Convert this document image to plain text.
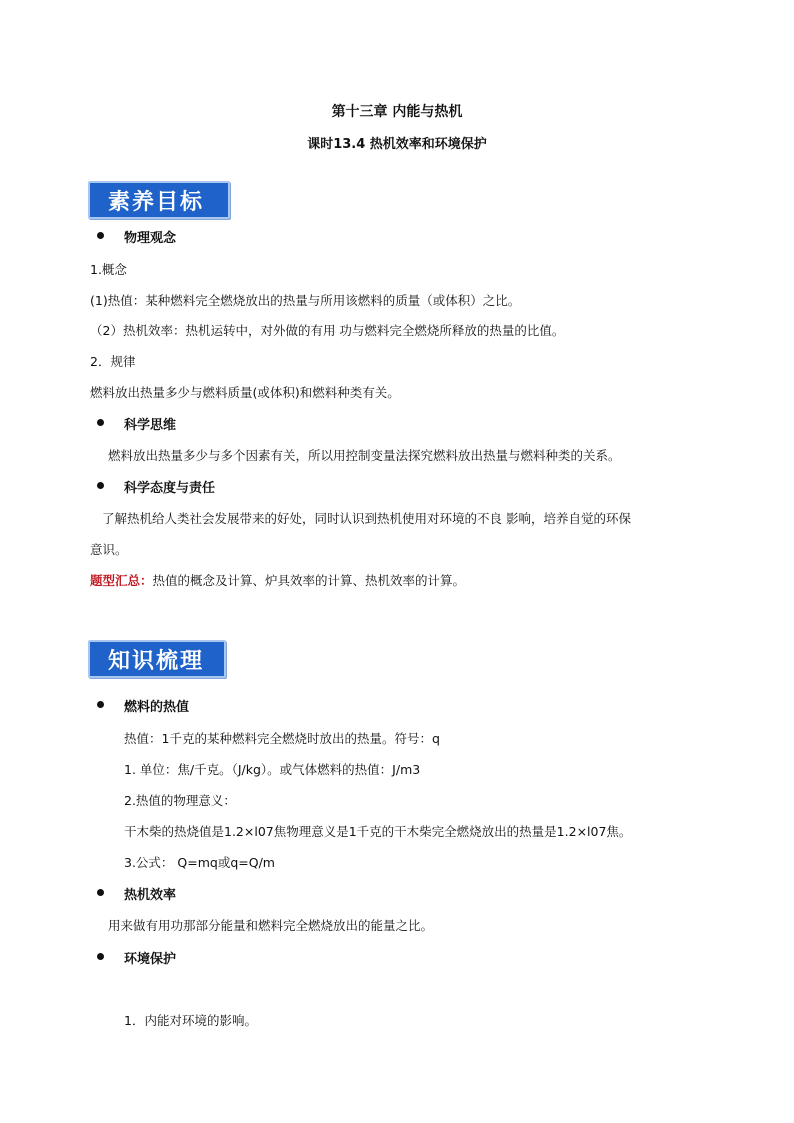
第十三章 内能与热机
课时13.4 热机效率和环境保护
素养目标
物理观念
1.概念
(1)热值：某种燃料完全燃烧放出的热量与所用该燃料的质量（或体积）之比。
（2）热机效率：热机运转中，对外做的有用 功与燃料完全燃烧所释放的热量的比值。
2．规律
燃料放出热量多少与燃料质量(或体积)和燃料种类有关。
科学思维
燃料放出热量多少与多个因素有关，所以用控制变量法探究燃料放出热量与燃料种类的关系。
科学态度与责任
了解热机给人类社会发展带来的好处，同时认识到热机使用对环境的不良 影响，培养自觉的环保
意识。
题型汇总：热值的概念及计算、炉具效率的计算、热机效率的计算。
知识梳理
燃料的热值
热值：1千克的某种燃料完全燃烧时放出的热量。符号：q
1. 单位：焦/千克。（J/kg）。或气体燃料的热值：J/m3
2.热值的物理意义：
干木柴的热烧值是1.2×l07焦物理意义是1千克的干木柴完全燃烧放出的热量是1.2×l07焦。
3.公式： Q=mq或q=Q/m
热机效率
用来做有用功那部分能量和燃料完全燃烧放出的能量之比。
环境保护
1．内能对环境的影响。
